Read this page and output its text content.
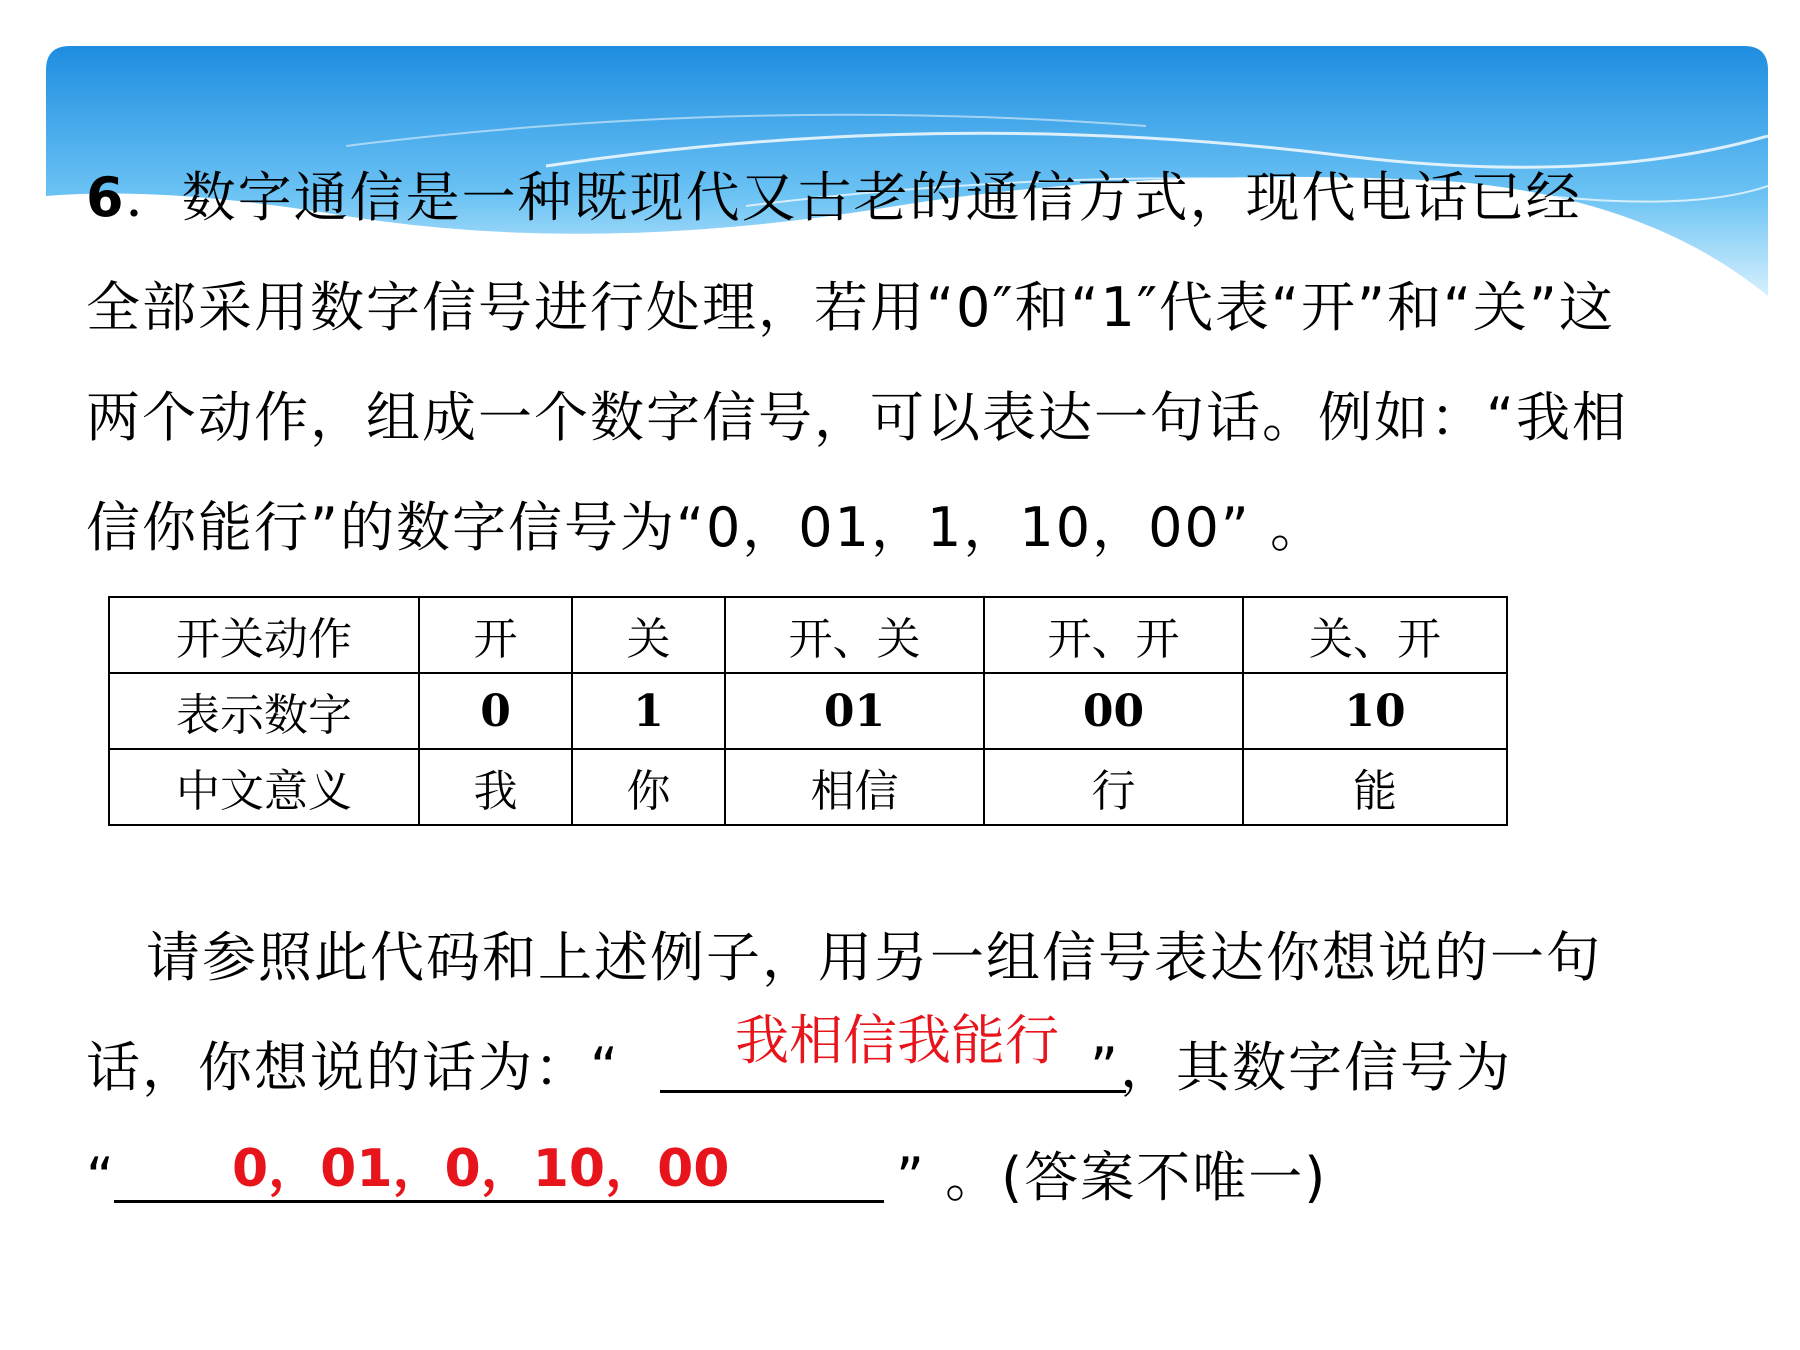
6．数字通信是一种既现代又古老的通信方式，现代电话已经
全部采用数字信号进行处理，若用“0″和“1″代表“开”和“关”这
两个动作，组成一个数字信号，可以表达一句话。例如：“我相
信你能行”的数字信号为“0，01，1，10，00” 。
开关动作	开	关	开、关	开、开	关、开
表示数字	0	1	01	00	10
中文意义	我	你	相信	行	能
请参照此代码和上述例子，用另一组信号表达你想说的一句
话，你想说的话为：“	”，其数字信号为
我相信我能行
“	” 。(答案不唯一)
0，01，0，10，00
